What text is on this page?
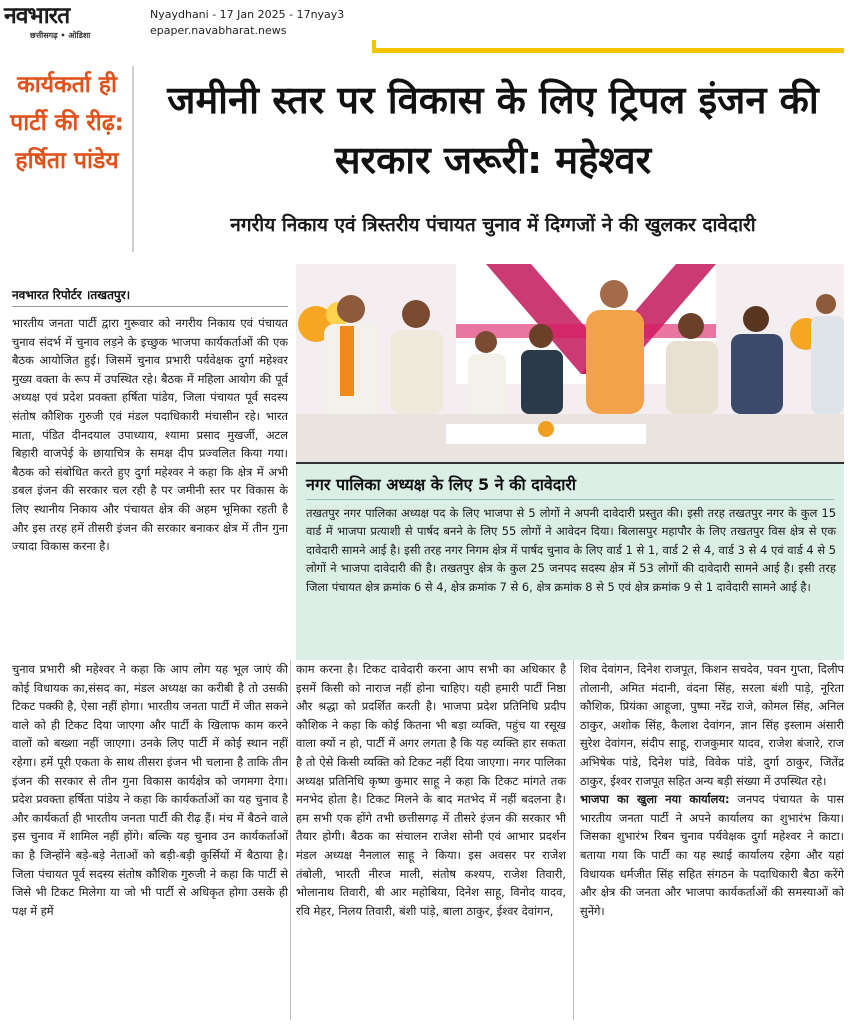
नवभारत
छत्तीसगढ़ • ओडिशा
Nyaydhani - 17 Jan 2025 - 17nyay3
epaper.navabharat.news
कार्यकर्ता ही पार्टी की रीढ़: हर्षिता पांडेय
जमीनी स्तर पर विकास के लिए ट्रिपल इंजन की सरकार जरूरी: महेश्वर
नगरीय निकाय एवं त्रिस्तरीय पंचायत चुनाव में दिग्गजों ने की खुलकर दावेदारी
नवभारत रिपोर्टर ।तखतपुर।

भारतीय जनता पार्टी द्वारा गुरूवार को नगरीय निकाय एवं पंचायत चुनाव संदर्भ में चुनाव लड़ने के इच्छुक भाजपा कार्यकर्ताओं की एक बैठक आयोजित हुई। जिसमें चुनाव प्रभारी पर्यवेक्षक दुर्गा महेश्वर मुख्य वक्ता के रूप में उपस्थित रहे। बैठक में महिला आयोग की पूर्व अध्यक्ष एवं प्रदेश प्रवक्ता हर्षिता पांडेय, जिला पंचायत पूर्व सदस्य संतोष कौशिक गुरुजी एवं मंडल पदाधिकारी मंचासीन रहे। भारत माता, पंडित दीनदयाल उपाध्याय, श्यामा प्रसाद मुखर्जी, अटल बिहारी वाजपेई के छायाचित्र के समक्ष दीप प्रज्वलित किया गया। बैठक को संबोधित करते हुए दुर्गा महेश्वर ने कहा कि क्षेत्र में अभी डबल इंजन की सरकार चल रही है पर जमीनी स्तर पर विकास के लिए स्थानीय निकाय और पंचायत क्षेत्र की अहम भूमिका रहती है और इस तरह हमें तीसरी इंजन की सरकार बनाकर क्षेत्र में तीन गुना ज्यादा विकास करना है।

नगर पालिका अध्यक्ष के लिए 5 ने की दावेदारी
तखतपुर नगर पालिका अध्यक्ष पद के लिए भाजपा से 5 लोगों ने अपनी दावेदारी प्रस्तुत की। इसी तरह तखतपुर नगर के कुल 15 वार्ड में भाजपा प्रत्याशी से पार्षद बनने के लिए 55 लोगों ने आवेदन दिया। बिलासपुर महापौर के लिए तखतपुर विस क्षेत्र से एक दावेदारी सामने आई है। इसी तरह नगर निगम क्षेत्र में पार्षद चुनाव के लिए वार्ड 1 से 1, वार्ड 2 से 4, वार्ड 3 से 4 एवं वार्ड 4 से 5 लोगों ने भाजपा दावेदारी की है। तखतपुर क्षेत्र के कुल 25 जनपद सदस्य क्षेत्र में 53 लोगों की दावेदारी सामने आई है। इसी तरह जिला पंचायत क्षेत्र क्रमांक 6 से 4, क्षेत्र क्रमांक 7 से 6, क्षेत्र क्रमांक 8 से 5 एवं क्षेत्र क्रमांक 9 से 1 दावेदारी सामने आई है।

चुनाव प्रभारी श्री महेश्वर ने कहा कि आप लोग यह भूल जाएं की कोई विधायक का,संसद का, मंडल अध्यक्ष का करीबी है तो उसकी टिकट पक्की है, ऐसा नहीं होगा। भारतीय जनता पार्टी में जीत सकने वाले को ही टिकट दिया जाएगा और पार्टी के खिलाफ काम करने वालों को बख्शा नहीं जाएगा। उनके लिए पार्टी में कोई स्थान नहीं रहेगा। हमें पूरी एकता के साथ तीसरा इंजन भी चलाना है ताकि तीन इंजन की सरकार से तीन गुना विकास कार्यक्षेत्र को जगमगा देगा। प्रदेश प्रवक्ता हर्षिता पांडेय ने कहा कि कार्यकर्ताओं का यह चुनाव है और कार्यकर्ता ही भारतीय जनता पार्टी की रीढ़ हैं। मंच में बैठने वाले इस चुनाव में शामिल नहीं होंगे। बल्कि यह चुनाव उन कार्यकर्ताओं का है जिन्होंने बड़े-बड़े नेताओं को बड़ी-बड़ी कुर्सियों में बैठाया है। जिला पंचायत पूर्व सदस्य संतोष कौशिक गुरुजी ने कहा कि पार्टी से जिसे भी टिकट मिलेगा या जो भी पार्टी से अधिकृत होगा उसके ही पक्ष में हमें

काम करना है। टिकट दावेदारी करना आप सभी का अधिकार है इसमें किसी को नाराज नहीं होना चाहिए। यही हमारी पार्टी निष्ठा और श्रद्धा को प्रदर्शित करती है। भाजपा प्रदेश प्रतिनिधि प्रदीप कौशिक ने कहा कि कोई कितना भी बड़ा व्यक्ति, पहुंच या रसूख वाला क्यों न हो, पार्टी में अगर लगता है कि यह व्यक्ति हार सकता है तो ऐसे किसी व्यक्ति को टिकट नहीं दिया जाएगा। नगर पालिका अध्यक्ष प्रतिनिधि कृष्ण कुमार साहू ने कहा कि टिकट मांगते तक मनभेद होता है। टिकट मिलने के बाद मतभेद में नहीं बदलना है। हम सभी एक होंगे तभी छत्तीसगढ़ में तीसरे इंजन की सरकार भी तैयार होगी। बैठक का संचालन राजेश सोनी एवं आभार प्रदर्शन मंडल अध्यक्ष नैनलाल साहू ने किया। इस अवसर पर राजेश तंबोली, भारती नीरज माली, संतोष कश्यप, राजेश तिवारी, भोलानाथ तिवारी, बी आर महोबिया, दिनेश साहू, विनोद यादव, रवि मेहर, निलय तिवारी, बंशी पांड़े, बाला ठाकुर, ईश्वर देवांगन,

शिव देवांगन, दिनेश राजपूत, किशन सचदेव, पवन गुप्ता, दिलीप तोलानी, अमित मंदानी, वंदना सिंह, सरला बंशी पाड़े, नूरिता कौशिक, प्रियंका आहूजा, पुष्पा नरेंद्र राजे, कोमल सिंह, अनिल ठाकुर, अशोक सिंह, कैलाश देवांगन, ज्ञान सिंह इस्लाम अंसारी सुरेश देवांगन, संदीप साहू, राजकुमार यादव, राजेश बंजारे, राज अभिषेक पांडे, दिनेश पांडे, विवेक पांडे, दुर्गा ठाकुर, जितेंद्र ठाकुर, ईश्वर राजपूत सहित अन्य बड़ी संख्या में उपस्थित रहे।

भाजपा का खुला नया कार्यालय: जनपद पंचायत के पास भारतीय जनता पार्टी ने अपने कार्यालय का शुभारंभ किया। जिसका शुभारंभ रिबन चुनाव पर्यवेक्षक दुर्गा महेश्वर ने काटा। बताया गया कि पार्टी का यह स्थाई कार्यालय रहेगा और यहां विधायक धर्मजीत सिंह सहित संगठन के पदाधिकारी बैठा करेंगे और क्षेत्र की जनता और भाजपा कार्यकर्ताओं की समस्याओं को सुनेंगे।
